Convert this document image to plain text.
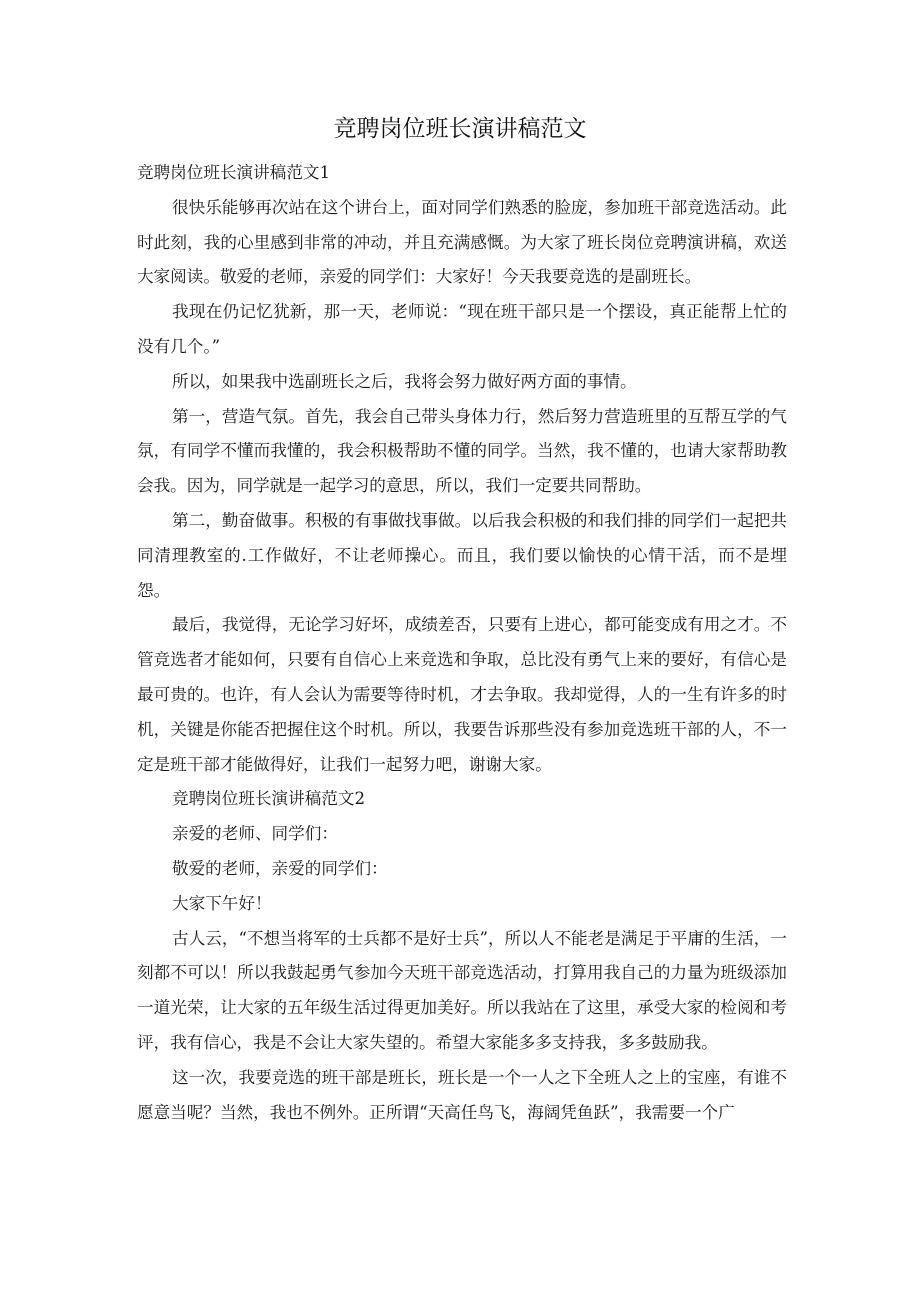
竞聘岗位班长演讲稿范文

竞聘岗位班长演讲稿范文1

很快乐能够再次站在这个讲台上，面对同学们熟悉的脸庞，参加班干部竞选活动。此时此刻，我的心里感到非常的冲动，并且充满感慨。为大家了班长岗位竞聘演讲稿，欢送大家阅读。敬爱的老师，亲爱的同学们：大家好！今天我要竞选的是副班长。

我现在仍记忆犹新，那一天，老师说：“现在班干部只是一个摆设，真正能帮上忙的没有几个。”

所以，如果我中选副班长之后，我将会努力做好两方面的事情。

第一，营造气氛。首先，我会自己带头身体力行，然后努力营造班里的互帮互学的气氛，有同学不懂而我懂的，我会积极帮助不懂的同学。当然，我不懂的，也请大家帮助教会我。因为，同学就是一起学习的意思，所以，我们一定要共同帮助。

第二，勤奋做事。积极的有事做找事做。以后我会积极的和我们排的同学们一起把共同清理教室的.工作做好，不让老师操心。而且，我们要以愉快的心情干活，而不是埋怨。

最后，我觉得，无论学习好坏，成绩差否，只要有上进心，都可能变成有用之才。不管竞选者才能如何，只要有自信心上来竞选和争取，总比没有勇气上来的要好，有信心是最可贵的。也许，有人会认为需要等待时机，才去争取。我却觉得，人的一生有许多的时机，关键是你能否把握住这个时机。所以，我要告诉那些没有参加竞选班干部的人，不一定是班干部才能做得好，让我们一起努力吧，谢谢大家。

竞聘岗位班长演讲稿范文2

亲爱的老师、同学们：

敬爱的老师，亲爱的同学们：

大家下午好！

古人云，“不想当将军的士兵都不是好士兵”，所以人不能老是满足于平庸的生活，一刻都不可以！所以我鼓起勇气参加今天班干部竞选活动，打算用我自己的力量为班级添加一道光荣，让大家的五年级生活过得更加美好。所以我站在了这里，承受大家的检阅和考评，我有信心，我是不会让大家失望的。希望大家能多多支持我，多多鼓励我。

这一次，我要竞选的班干部是班长，班长是一个一人之下全班人之上的宝座，有谁不愿意当呢？当然，我也不例外。正所谓“天高任鸟飞，海阔凭鱼跃”，我需要一个广
